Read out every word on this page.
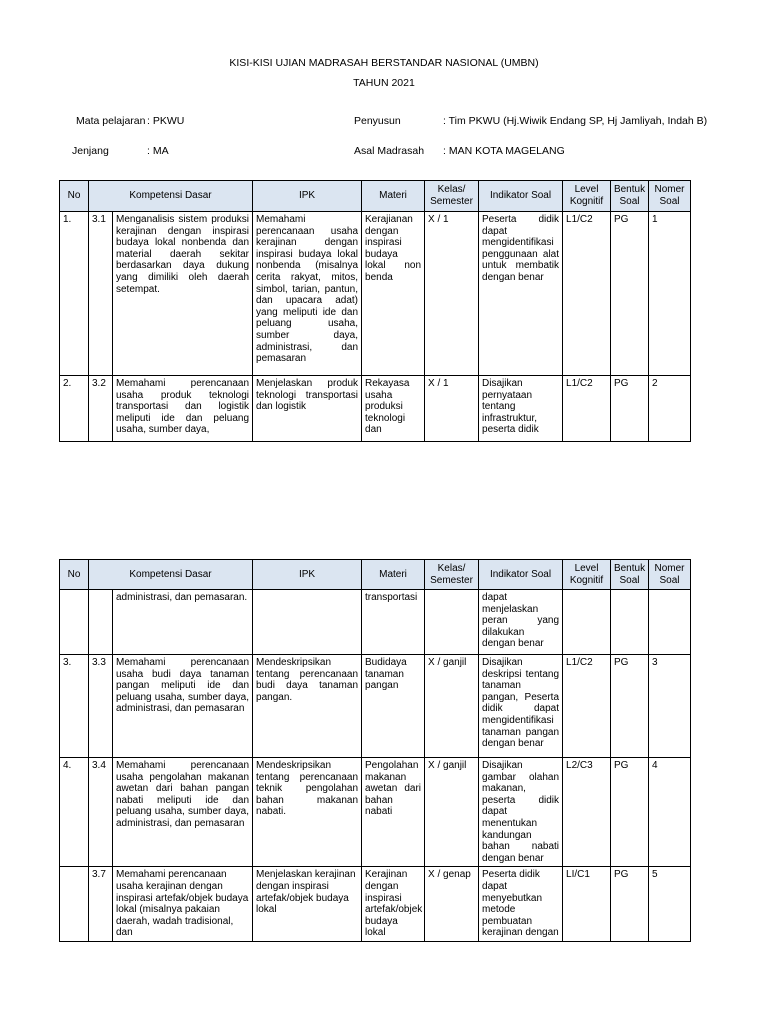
KISI-KISI UJIAN MADRASAH BERSTANDAR NASIONAL (UMBN)
TAHUN 2021
Mata pelajaran : PKWU	Penyusun	: Tim PKWU (Hj.Wiwik Endang SP, Hj Jamliyah, Indah B)
Jenjang	: MA	Asal Madrasah : MAN KOTA MAGELANG
No	Kompetensi Dasar		IPK	Materi	Kelas/ Semester	Indikator Soal	Level Kognitif	Bentuk Soal	Nomer Soal
1.	3.1	Menganalisis sistem produksi kerajinan dengan inspirasi budaya lokal nonbenda dan material daerah sekitar berdasarkan daya dukung yang dimiliki oleh daerah setempat.	Memahami perencanaan usaha kerajinan dengan inspirasi budaya lokal nonbenda (misalnya cerita rakyat, mitos, simbol, tarian, pantun, dan upacara adat) yang meliputi ide dan peluang usaha, sumber daya, administrasi, dan pemasaran	Kerajianan dengan inspirasi budaya lokal non benda	X / 1	Peserta didik dapat mengidentifikasi penggunaan alat untuk membatik dengan benar	L1/C2	PG	1
2.	3.2	Memahami perencanaan usaha produk teknologi transportasi dan logistik meliputi ide dan peluang usaha, sumber daya,	Menjelaskan produk teknologi transportasi dan logistik	Rekayasa usaha produksi teknologi dan	X / 1	Disajikan pernyataan tentang infrastruktur, peserta didik	L1/C2	PG	2
No	Kompetensi Dasar		IPK	Materi	Kelas/ Semester	Indikator Soal	Level Kognitif	Bentuk Soal	Nomer Soal
		administrasi, dan pemasaran.		transportasi		dapat menjelaskan peran yang dilakukan dengan benar			
3.	3.3	Memahami perencanaan usaha budi daya tanaman pangan meliputi ide dan peluang usaha, sumber daya, administrasi, dan pemasaran	Mendeskripsikan tentang perencanaan budi daya tanaman pangan.	Budidaya tanaman pangan	X / ganjil	Disajikan deskripsi tentang tanaman pangan, Peserta didik dapat mengidentifikasi tanaman pangan dengan benar	L1/C2	PG	3
4.	3.4	Memahami perencanaan usaha pengolahan makanan awetan dari bahan pangan nabati meliputi ide dan peluang usaha, sumber daya, administrasi, dan pemasaran	Mendeskripsikan tentang perencanaan teknik pengolahan bahan makanan nabati.	Pengolahan makanan awetan dari bahan nabati	X / ganjil	Disajikan gambar olahan makanan, peserta didik dapat menentukan kandungan bahan nabati dengan benar	L2/C3	PG	4
	3.7	Memahami perencanaan usaha kerajinan dengan inspirasi artefak/objek budaya lokal (misalnya pakaian daerah, wadah tradisional, dan	Menjelaskan kerajinan dengan inspirasi artefak/objek budaya lokal	Kerajinan dengan inspirasi artefak/objek budaya lokal	X / genap	Peserta didik dapat menyebutkan metode pembuatan kerajinan dengan	LI/C1	PG	5
